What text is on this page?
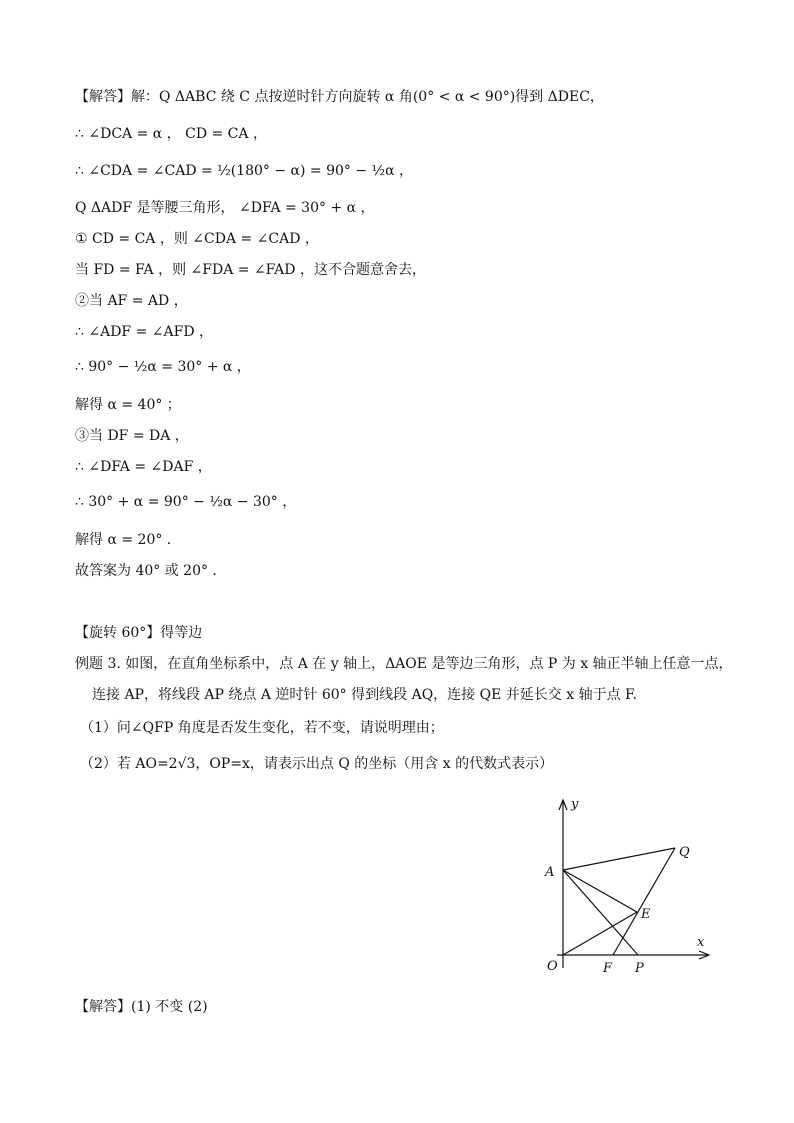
【解答】解：Q ΔABC 绕 C 点按逆时针方向旋转 α 角(0° < α < 90°)得到 ΔDEC，
∴ ∠DCA = α ， CD = CA ，
∴ ∠CDA = ∠CAD = ½(180° − α) = 90° − ½α ，
Q ΔADF 是等腰三角形， ∠DFA = 30° + α ，
① CD = CA ，则 ∠CDA = ∠CAD ，
当 FD = FA ，则 ∠FDA = ∠FAD ，这不合题意舍去，
②当 AF = AD ，
∴ ∠ADF = ∠AFD ，
∴ 90° − ½α = 30° + α ，
解得 α = 40° ；
③当 DF = DA ，
∴ ∠DFA = ∠DAF ，
∴ 30° + α = 90° − ½α − 30° ，
解得 α = 20° ．
故答案为 40° 或 20° ．
【旋转 60°】得等边
例题 3. 如图，在直角坐标系中，点 A 在 y 轴上，ΔAOE 是等边三角形，点 P 为 x 轴正半轴上任意一点，
连接 AP，将线段 AP 绕点 A 逆时针 60° 得到线段 AQ，连接 QE 并延长交 x 轴于点 F.
（1）问∠QFP 角度是否发生变化，若不变，请说明理由；
（2）若 AO=2√3，OP=x，请表示出点 Q 的坐标（用含 x 的代数式表示）
y
x
A
Q
E
O	F P
【解答】(1) 不变 (2)
